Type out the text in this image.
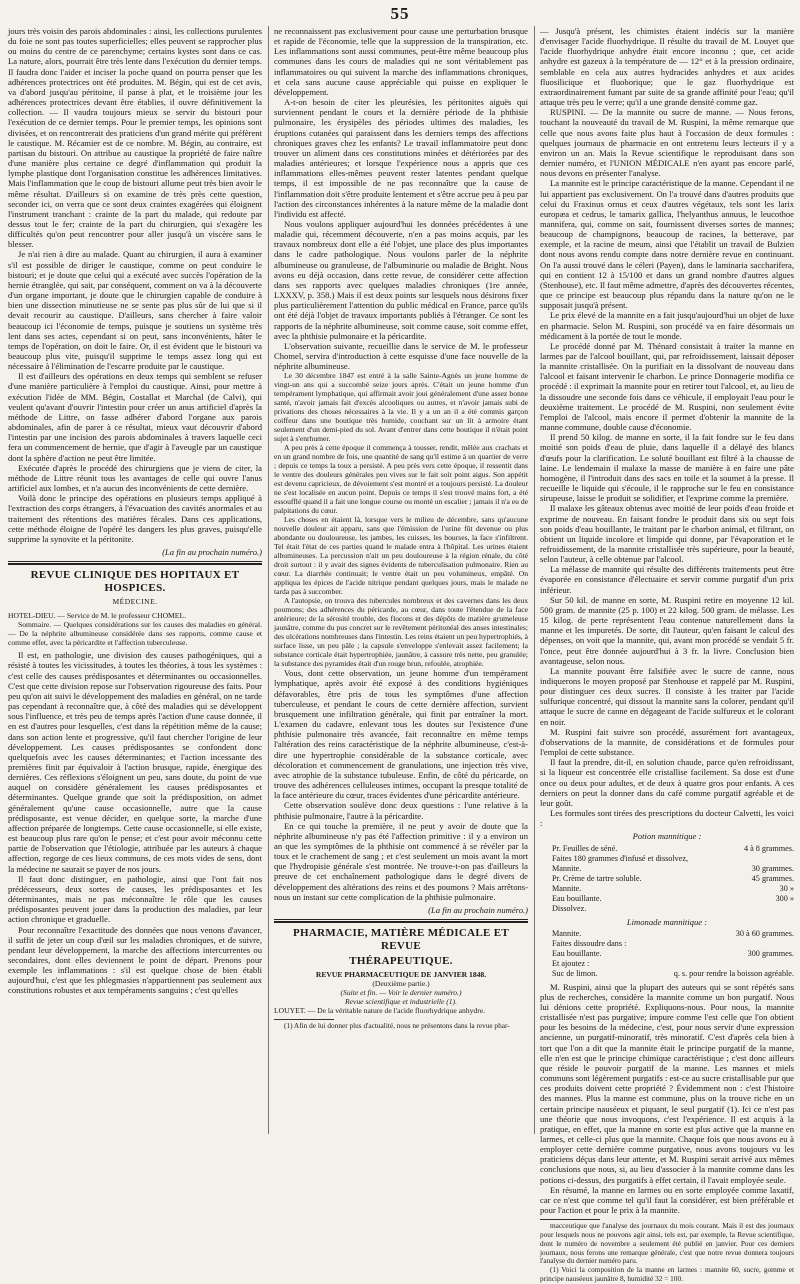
55

jours très voisin des parois abdominales : ainsi, les collections purulentes du foie ne sont pas toutes superficielles; elles peuvent se rapprocher plus ou moins du centre de ce parenchyme; certains kystes sont dans ce cas. La nature, alors, pourrait être très lente dans l'exécution du dernier temps. Il faudra donc l'aider et inciser la poche quand on pourra penser que les adhérences protectrices ont été produites. M. Bégin, qui est de cet avis, va d'abord jusqu'au péritoine, il panse à plat, et le troisième jour les adhérences protectrices devant être établies, il ouvre définitivement la collection. — Il vaudra toujours mieux se servir du bistouri pour l'exécution de ce dernier temps. Pour le premier temps, les opinions sont divisées, et on rencontrerait des praticiens d'un grand mérite qui préfèrent le caustique. M. Récamier est de ce nombre. M. Bégin, au contraire, est partisan du bistouri. On attribue au caustique la propriété de faire naître d'une manière plus certaine ce degré d'inflammation qui produit la lymphe plastique dont l'organisation constitue les adhérences limitatives. Mais l'inflammation que le coup de bistouri allume peut très bien avoir le même résultat. D'ailleurs si on examine de très près cette question, seconder ici, on verra que ce sont deux craintes exagérées qui éloignent l'instrument tranchant : crainte de la part du malade, qui redoute par dessus tout le fer; crainte de la part du chirurgien, qui s'exagère les difficultés qu'on peut rencontrer pour aller jusqu'à un viscère sans le blesser.

Je n'ai rien à dire au malade. Quant au chirurgien, il aura à examiner s'il est possible de diriger le caustique, comme on peut conduire le bistouri; et je doute que celui qui a exécuté avec succès l'opération de la hernie étranglée, qui sait, par conséquent, comment on va à la découverte d'un organe important, je doute que le chirurgien capable de conduire à bien une dissection minutieuse ne se sente pas plus sûr de lui que si il devait recourir au caustique. D'ailleurs, sans chercher à faire valoir beaucoup ici l'économie de temps, puisque je soutiens un système très lent dans ses actes, cependant si on peut, sans inconvénients, hâter le temps de l'opération, on doit le faire. Or, il est évident que le bistouri va beaucoup plus vite, puisqu'il supprime le temps assez long qui est nécessaire à l'élimination de l'escarre produite par le caustique.

Il est d'ailleurs des opérations en deux temps qui semblent se refuser d'une manière particulière à l'emploi du caustique. Ainsi, pour mettre à exécution l'idée de MM. Bégin, Costallat et Marchal (de Calvi), qui veulent qu'avant d'ouvrir l'intestin pour créer un anus artificiel d'après la méthode de Littre, on fasse adhérer d'abord l'organe aux parois abdominales, afin de parer à ce résultat, mieux vaut découvrir d'abord l'intestin par une incision des parois abdominales à travers laquelle ceci fera un commencement de hernie, que d'agir à l'aveugle par un caustique dont la sphère d'action ne peut être limitée.

Exécutée d'après le procédé des chirurgiens que je viens de citer, la méthode de Littre réunit tous les avantages de celle qui ouvre l'anus artificiel aux lombes, et n'a aucun des inconvénients de cette dernière.

Voilà donc le principe des opérations en plusieurs temps appliqué à l'extraction des corps étrangers, à l'évacuation des cavités anormales et au traitement des rétentions des matières fécales. Dans ces applications, cette méthode éloigne de l'opéré les dangers les plus graves, puisqu'elle supprime la synovite et la péritonite.

(La fin au prochain numéro.)

REVUE CLINIQUE DES HOPITAUX ET HOSPICES.
MÉDECINE.

HOTEL-DIEU. — Service de M. le professeur CHOMEL.

Sommaire. — Quelques considérations sur les causes des maladies en général. — De la néphrite albumineuse considérée dans ses rapports, comme cause et comme effet, avec la péricardite et l'affection tuberculeuse.

Il est, en pathologie, une division des causes pathogéniques, qui a résisté à toutes les vicissitudes, à toutes les théories, à tous les systèmes : c'est celle des causes prédisposantes et déterminantes ou occasionnelles. C'est que cette division repose sur l'observation rigoureuse des faits. Pour peu qu'on ait suivi le développement des maladies en général, on ne tarde pas cependant à reconnaître que, à côté des maladies qui se développent sous l'influence, et très peu de temps après l'action d'une cause donnée, il en est d'autres pour lesquelles, c'est dans la répétition même de la cause; dans son action lente et progressive, qu'il faut chercher l'origine de leur développement. Les causes prédisposantes se confondent donc quelquefois avec les causes déterminantes; et l'action incessante des premières finit par équivaloir à l'action brusque, rapide, énergique des dernières. Ces réflexions s'éloignent un peu, sans doute, du point de vue auquel on considère généralement les causes prédisposantes et déterminantes. Quelque grande que soit la prédisposition, on admet généralement qu'une cause occasionnelle, autre que la cause prédisposante, est venue décider, en quelque sorte, la marche d'une affection préparée de longtemps. Cette cause occasionnelle, si elle existe, est beaucoup plus rare qu'on le pense; et c'est pour avoir méconnu cette partie de l'observation que l'étiologie, attribuée par les auteurs à chaque affection, regorge de ces lieux communs, de ces mots vides de sens, dont la médecine ne saurait se payer de nos jours.

Il faut donc distinguer, en pathologie, ainsi que l'ont fait nos prédécesseurs, deux sortes de causes, les prédisposantes et les déterminantes, mais ne pas méconnaître le rôle que les causes prédisposantes peuvent jouer dans la production des maladies, par leur action chronique et graduelle.

Pour reconnaître l'exactitude des données que nous venons d'avancer, il suffit de jeter un coup d'œil sur les maladies chroniques, et de suivre, pendant leur développement, la marche des affections intercurrentes ou secondaires, dont elles deviennent le point de départ. Prenons pour exemple les inflammations : s'il est quelque chose de bien établi aujourd'hui, c'est que les phlegmasies n'appartiennent pas seulement aux constitutions robustes et aux tempéraments sanguins ; c'est qu'elles

ne reconnaissent pas exclusivement pour cause une perturbation brusque et rapide de l'économie, telle que la suppression de la transpiration, etc. Les inflammations sont aussi communes, peut-être même beaucoup plus communes dans les cours de maladies qui ne sont véritablement pas inflammatoires ou qui suivent la marche des inflammations chroniques, et cela sans aucune cause appréciable qui puisse en expliquer le développement.

A-t-on besoin de citer les pleurésies, les péritonites aiguës qui surviennent pendant le cours et la dernière période de la phthisie pulmonaire, les érysipèles des périodes ultimes des maladies, les éruptions cutanées qui paraissent dans les derniers temps des affections chroniques graves chez les enfants? Le travail inflammatoire peut donc trouver un aliment dans ces constitutions minées et détériorées par des maladies antérieures; et lorsque l'expérience nous a appris que ces inflammations elles-mêmes peuvent rester latentes pendant quelque temps, il est impossible de ne pas reconnaître que la cause de l'inflammation doit s'être produite lentement et s'être accrue peu à peu par l'action des circonstances inhérentes à la nature même de la maladie dont l'individu est affecté.

Nous voulons appliquer aujourd'hui les données précédentes à une maladie qui, récemment découverte, n'en a pas moins acquis, par les travaux nombreux dont elle a été l'objet, une place des plus importantes dans le cadre pathologique. Nous voulons parler de la néphrite albumineuse ou granuleuse, de l'albuminurie ou maladie de Bright. Nous avons eu déjà occasion, dans cette revue, de considérer cette affection dans ses rapports avec quelques maladies chroniques (1re année, LXXXV, p. 358.) Mais il est deux points sur lesquels nous désirons fixer plus particulièrement l'attention du public médical en France, parce qu'ils ont été déjà l'objet de travaux importants publiés à l'étranger. Ce sont les rapports de la néphrite albumineuse, soit comme cause, soit comme effet, avec la phthisie pulmonaire et la péricardite.

L'observation suivante, recueillie dans le service de M. le professeur Chomel, servira d'introduction à cette esquisse d'une face nouvelle de la néphrite albumineuse.

Le 30 décembre 1847 est entré à la salle Sainte-Agnès un jeune homme de vingt-un ans qui a succombé seize jours après. C'était un jeune homme d'un tempérament lymphatique, qui affirmait avoir joui généralement d'une assez bonne santé, n'avoir jamais fait d'excès alcooliques ou autres, et n'avoir jamais subi de privations des choses nécessaires à la vie. Il y a un an il a été commis garçon coiffeur dans une boutique très humide, couchant sur un lit à armoire étant seulement d'un demi-pied du sol. Avant d'entrer dans cette boutique il n'était point sujet à s'enrhumer.

A peu près à cette époque il commença à tousser, rendit, mêlée aux crachats et en un grand nombre de fois, une quantité de sang qu'il estime à un quartier de verre ; depuis ce temps la toux a persisté. A peu près vers cette époque, il ressentit dans le ventre des douleurs générales peu vives sur le fait soit point aigus. Son appétit est devenu capricieux, de dévoiement s'est montré et a toujours persisté. La douleur ne s'est localisée en aucun point. Depuis ce temps il s'est trouvé mains fort, a été essoufflé quand il a fait une longue course ou monté un escalier ; jamais il n'a eu de palpitations du cœur.

Les choses en étaient là, lorsque vers le milieu de décembre, sans qu'aucune nouvelle douleur ait apparu, sans que l'émission de l'urine fût devenue ou plus abondante ou douloureuse, les jambes, les cuisses, les bourses, la face s'infiltrent. Tel était l'état de ces parties quand le malade entra à l'hôpital. Les urines étaient albumineuses. La percussion n'ait un peu douloureuse à la région rénale, du côté droit surtout : il y avait des signes évidents de tuberculisation pulmonaire. Rien au cœur. La diarrhée continuait; le ventre était un peu volumineux, empâté. On appliqua les épices de l'acide nitrique pendant quelques jours, mais le malade ne tarda pas à succomber.

A l'autopsie, on trouva des tubercules nombreux et des cavernes dans les deux poumons; des adhérences du péricarde, au cœur, dans toute l'étendue de la face antérieure; de la sérosité trouble, des flocons et des dépôts de matière grumeleuse jaunâtre, comme du pus concret sur le revêtement péritonéal des anses intestinales; des ulcérations nombreuses dans l'intestin. Les reins étaient un peu hypertrophiés, à surface lisse, un peu pâle ; la capsule s'enveloppe s'enlevait assez facilement; la substance corticale était hypertrophiée, jaunâtre, à cassure très nette, peu granulée; la substance des pyramides était d'un rouge brun, refoulée, atrophiée.

Vous, dont cette observation, un jeune homme d'un tempérament lymphatique, après avoir été exposé à des conditions hygiéniques défavorables, être pris de tous les symptômes d'une affection tuberculeuse, et pendant le cours de cette dernière affection, survient brusquement une infiltration générale, qui finit par entraîner la mort. L'examen du cadavre, enlevant tous les doutes sur l'existence d'une phthisie pulmonaire très avancée, fait reconnaître en même temps l'altération des reins caractéristique de la néphrite albumineuse, c'est-à-dire une hypertrophie considérable de la substance corticale, avec décoloration et commencement de granulations, une injection très vive, avec atrophie de la substance tubuleuse. Enfin, de côté du péricarde, on trouve des adhérences celluleuses intimes, occupant la presque totalité de la face antérieure du cœur, traces évidentes d'une péricardite antérieure.

Cette observation soulève donc deux questions : l'une relative à la phthisie pulmonaire, l'autre à la péricardite.

En ce qui touche la première, il ne peut y avoir de doute que la néphrite albumineuse n'y pas été l'affection primitive : il y a environ un an que les symptômes de la phthisie ont commencé à se révéler par la toux et le crachement de sang ; et c'est seulement un mois avant la mort que l'hydropisie générale s'est montrée. Ne trouve-t-on pas d'ailleurs la preuve de cet enchaînement pathologique dans le degré divers de développement des altérations des reins et des poumons ? Mais arrêtons-nous un instant sur cette complication de la phthisie pulmonaire.

(La fin au prochain numéro.)

PHARMACIE, MATIÈRE MÉDICALE ET REVUE
THÉRAPEUTIQUE.

REVUE PHARMACEUTIQUE DE JANVIER 1848.

(Deuxième partie.)

(Suite et fin. — Voir le dernier numéro.)

Revue scientifique et industrielle (1).

LOUYET. — De la véritable nature de l'acide fluorhydrique anhydre.

(1) Afin de lui donner plus d'actualité, nous ne présentons dans la revue phar-

— Jusqu'à présent, les chimistes étaient indécis sur la manière d'envisager l'acide fluorhydrique. Il résulte du travail de M. Louyet que l'acide fluorhydrique anhydre était encore inconnu ; que, cet acide anhydre est gazeux à la température de — 12° et à la pression ordinaire, semblable en cela aux autres hydracides anhydres et aux acides fluosilicique et fluoborique; que le gaz fluorhydrique est extraordinairement fumant par suite de sa grande affinité pour l'eau; qu'il attaque très peu le verre; qu'il a une grande densité comme gaz.

RUSPINI. — De la mannite ou sucre de manne. — Nous ferons, touchant la nouveauté du travail de M. Ruspini, la même remarque que celle que nous avons faite plus haut à l'occasion de deux formules : quelques journaux de pharmacie en ont entretenu leurs lecteurs il y a environ un an. Mais la Revue scientifique le reproduisant dans son dernier numéro, et l'UNION MÉDICALE n'en ayant pas encore parlé, nous devons en présenter l'analyse.

La mannite est le principe caractéristique de la manne. Cependant il ne lui appartient pas exclusivement. On l'a trouvé dans d'autres produits que celui du Fraxinus ornus et ceux d'autres végétaux, tels sont les larix europæa et cedrus, le tamarix gallica, l'helyanthus annuus, le leucothoe mannifera, qui, comme on sait, fournissent diverses sortes de mannes; beaucoup de champignons, beaucoup de racines, la betterave, par exemple, et la racine de meum, ainsi que l'établit un travail de Bulzien dont nous avons rendu compte dans notre dernière revue en continuant. On l'a aussi trouvé dans le céleri (Payen), dans le laminaria saccharifera, qui en contient 12 à 15/100 et dans un grand nombre d'autres algues (Stenhouse), etc. Il faut même admettre, d'après des découvertes récentes, que ce principe est beaucoup plus répandu dans la nature qu'on ne le supposait jusqu'à présent.

Le prix élevé de la mannite en a fait jusqu'aujourd'hui un objet de luxe en pharmacie. Selon M. Ruspini, son procédé va en faire désormais un médicament à la portée de tout le monde.

Le procédé donné par M. Thénard consistait à traiter la manne en larmes par de l'alcool bouillant, qui, par refroidissement, laissait déposer la mannite cristallisée. On la purifiait en la dissolvant de nouveau dans l'alcool et faisant intervenir le charbon. Le prince Donnagerie modifia ce procédé : il exprimait la mannite pour en retirer tout l'alcool, et, au lieu de la dissoudre une seconde fois dans ce véhicule, il employait l'eau pour le deuxième traitement. Le procédé de M. Ruspini, non seulement évite l'emploi de l'alcool, mais encore il permet d'obtenir la mannite de la manne commune, double cause d'économie.

Il prend 50 kilog. de manne en sorte, il la fait fondre sur le feu dans moitié son poids d'eau de pluie, dans laquelle il a délayé des blancs d'œufs pour la clarification. Le soluté bouillant est filtré à la chausse de laine. Le lendemain il malaxe la masse de manière à en faire une pâte homogène, il l'introduit dans des sacs en toile et la soumet à la presse. Il recueille le liquide qui s'écoule, il le rapproche sur le feu en consistance sirupeuse, laisse le produit se solidifier, et l'exprime comme la première.

Il malaxe les gâteaux obtenus avec moitié de leur poids d'eau froide et exprime de nouveau. En faisant fondre le produit dans six ou sept fois son poids d'eau bouillante, le traitant par le charbon animal, et filtrant, on obtient un liquide incolore et limpide qui donne, par l'évaporation et le refroidissement, de la mannite cristallisée très supérieure, pour la beauté, selon l'auteur, à celle obtenue par l'alcool.

La mélasse de mannite qui résulte des différents traitements peut être évaporée en consistance d'électuaire et servir comme purgatif d'un prix inférieur.

Sur 50 kil. de manne en sorte, M. Ruspini retire en moyenne 12 kil. 500 gram. de mannite (25 p. 100) et 22 kilog. 500 gram. de mélasse. Les 15 kilog. de perte représentent l'eau contenue naturellement dans la manne et les impuretés. De sorte, dit l'auteur, qu'en faisant le calcul des dépenses, on voit que la mannite, qui, avant mon procédé se vendait 5 fr. l'once, peut être donnée aujourd'hui à 3 fr. la livre. Conclusion bien avantageuse, selon nous.

La mannite pouvant être falsifiée avec le sucre de canne, nous indiquerons le moyen proposé par Stenhouse et rappelé par M. Ruspini, pour distinguer ces deux sucres. Il consiste à les traiter par l'acide sulfurique concentré, qui dissout la mannite sans la colorer, pendant qu'il attaque le sucre de canne en dégageant de l'acide sulfureux et le colorant en noir.

M. Ruspini fait suivre son procédé, assurément fort avantageux, d'observations de la mannite, de considérations et de formules pour l'emploi de cette substance.

Il faut la prendre, dit-il, en solution chaude, parce qu'en refroidissant, si la liqueur est concentrée elle cristallise facilement. Sa dose est d'une once ou deux pour adultes, et de deux à quatre gros pour enfants. A ces derniers on peut la donner dans du café comme purgatif agréable et de leur goût.

Les formules sont tirées des prescriptions du docteur Calvetti, les voici :

Potion mannitique :

Pr. Feuilles de séné.	4 à 8 grammes.
Faites 180 grammes d'infusé et dissolvez,
Mannite.	30 grammes.
Pr. Crème de tartre soluble.	45 grammes.
Mannite.	30 »
Eau bouillante.	300 »
Dissolvez.

Limonade mannitique :

Mannite.	30 à 60 grammes.
Faites dissoudre dans :
Eau bouillante.	300 grammes.
Et ajoutez :
Suc de limon.	q. s. pour rendre la boisson agréable.

M. Ruspini, ainsi que la plupart des auteurs qui se sont répétés sans plus de recherches, considère la mannite comme un bon purgatif. Nous lui dénions cette propriété. Expliquons-nous. Pour nous, la mannite cristallisée n'est pas purgative; impure comme l'est celle que l'on obtient pour les besoins de la médecine, c'est, pour nous servir d'une expression ancienne, un purgatif-minoratif, très minoratif. C'est d'après cela bien à tort que l'on a dit que la mannite était le principe purgatif de la manne, elle n'en est que le principe chimique caractéristique ; c'est donc ailleurs que réside le pouvoir purgatif de la manne. Les mannes et miels communs sont légèrement purgatifs : est-ce au sucre cristallisable pur que ces produits doivent cette propriété ? Évidemment non : c'est l'histoire des mannes. Plus la manne est commune, plus on la trouve riche en un certain principe nauséeux et piquant, le seul purgatif (1). Ici ce n'est pas une théorie que nous invoquons, c'est l'expérience. Il est acquis à la pratique, en effet, que la manne en sorte est plus active que la manne en larmes, et celle-ci plus que la mannite. Chaque fois que nous avons eu à employer cette dernière comme purgative, nous avons toujours vu les praticiens déçus dans leur attente, et M. Ruspini serait arrivé aux mêmes conclusions que nous, si, au lieu d'associer à la mannite comme dans les potions ci-dessus, des purgatifs à effet certain, il l'avait employée seule.

En résumé, la manne en larmes ou en sorte employée comme laxatif, car ce n'est que comme tel qu'il faut la considérer, est bien préférable et pour l'action et pour le prix à la mannite.

macceutique que l'analyse des journaux du mois courant. Mais il est des journaux pour lesquels nous ne pouvons agir ainsi, tels est, par exemple, la Revue scientifique, dont le numéro de novembre a seulement été publié en janvier. Pour ces derniers journaux, nous ferons une remarque générale, c'est que notre revue donnera toujours l'analyse du dernier numéro paru.

(1) Voici la composition de la manne en larmes : mannite 60, sucre, gomme et principe nauséeux jaunâtre 8, humidité 32 = 100.
